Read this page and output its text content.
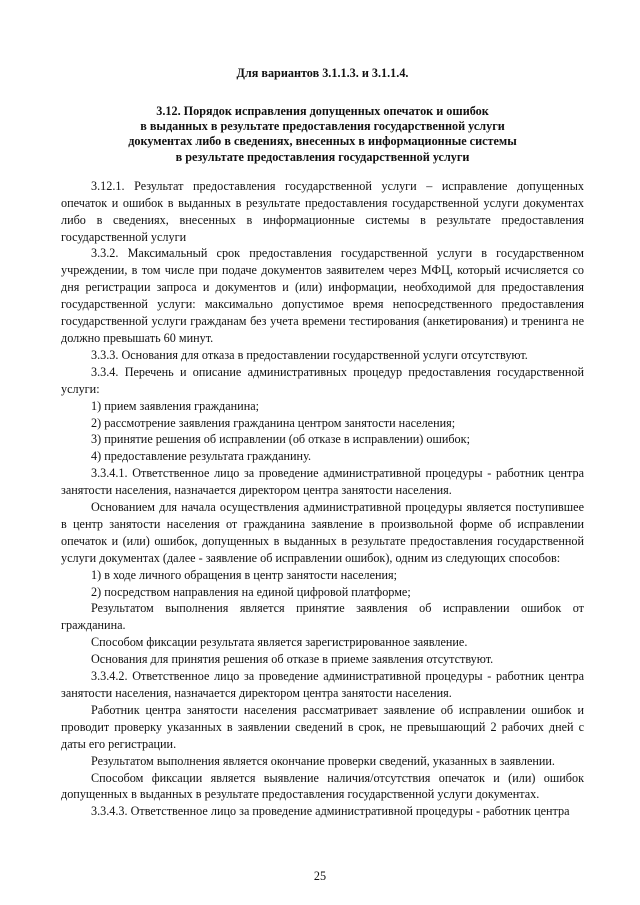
Для вариантов 3.1.1.3. и 3.1.1.4.
3.12. Порядок исправления допущенных опечаток и ошибок
в выданных в результате предоставления государственной услуги
документах либо в сведениях, внесенных в информационные системы
в результате предоставления государственной услуги

3.12.1. Результат предоставления государственной услуги – исправление допущенных опечаток и ошибок в выданных в результате предоставления государственной услуги документах либо в сведениях, внесенных в информационные системы в результате предоставления государственной услуги

3.3.2. Максимальный срок предоставления государственной услуги в государственном учреждении, в том числе при подаче документов заявителем через МФЦ, который исчисляется со дня регистрации запроса и документов и (или) информации, необходимой для предоставления государственной услуги: максимально допустимое время непосредственного предоставления государственной услуги гражданам без учета времени тестирования (анкетирования) и тренинга не должно превышать 60 минут.

3.3.3. Основания для отказа в предоставлении государственной услуги отсутствуют.

3.3.4. Перечень и описание административных процедур предоставления государственной услуги:

1) прием заявления гражданина;

2) рассмотрение заявления гражданина центром занятости населения;

3) принятие решения об исправлении (об отказе в исправлении) ошибок;

4) предоставление результата гражданину.

3.3.4.1. Ответственное лицо за проведение административной процедуры - работник центра занятости населения, назначается директором центра занятости населения.

Основанием для начала осуществления административной процедуры является поступившее в центр занятости населения от гражданина заявление в произвольной форме об исправлении опечаток и (или) ошибок, допущенных в выданных в результате предоставления государственной услуги документах (далее - заявление об исправлении ошибок), одним из следующих способов:

1) в ходе личного обращения в центр занятости населения;

2) посредством направления на единой цифровой платформе;

Результатом выполнения является принятие заявления об исправлении ошибок от гражданина.

Способом фиксации результата является зарегистрированное заявление.

Основания для принятия решения об отказе в приеме заявления отсутствуют.

3.3.4.2. Ответственное лицо за проведение административной процедуры - работник центра занятости населения, назначается директором центра занятости населения.

Работник центра занятости населения рассматривает заявление об исправлении ошибок и проводит проверку указанных в заявлении сведений в срок, не превышающий 2 рабочих дней с даты его регистрации.

Результатом выполнения является окончание проверки сведений, указанных в заявлении.

Способом фиксации является выявление наличия/отсутствия опечаток и (или) ошибок допущенных в выданных в результате предоставления государственной услуги документах.

3.3.4.3. Ответственное лицо за проведение административной процедуры - работник центра

25
